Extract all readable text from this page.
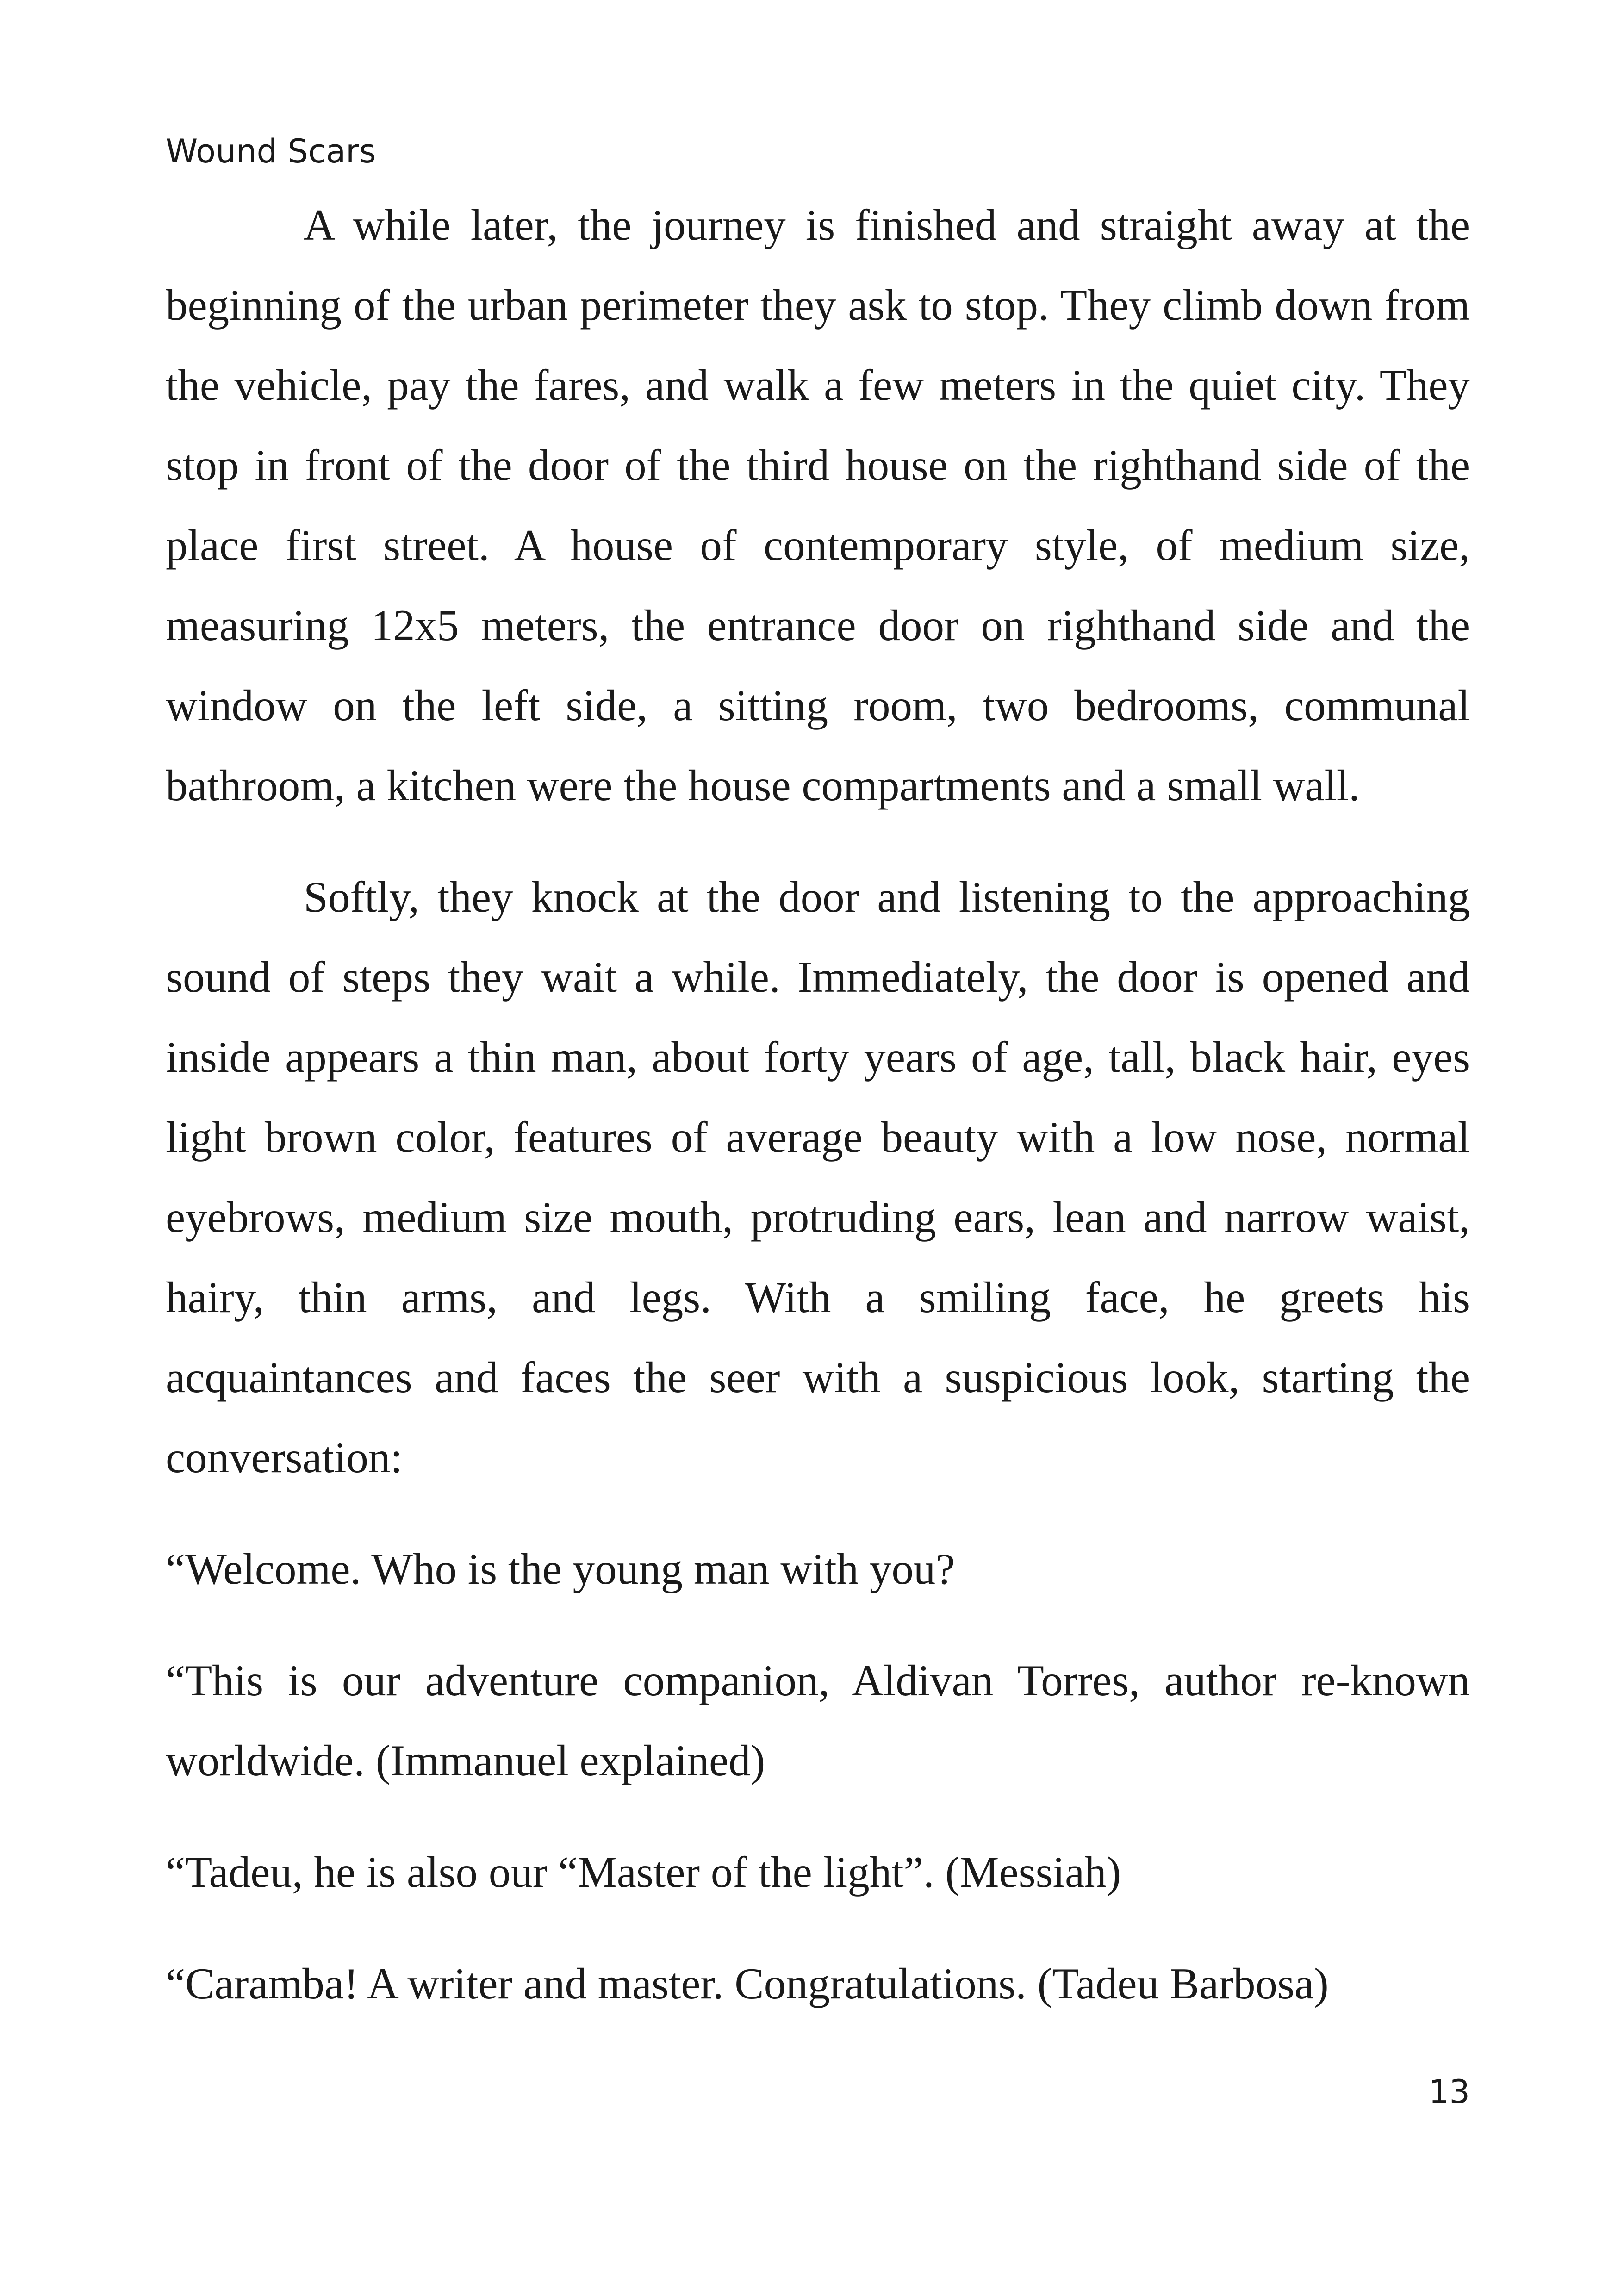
Wound Scars

A while later, the journey is finished and straight away at the beginning of the urban perimeter they ask to stop. They climb down from the vehicle, pay the fares, and walk a few meters in the quiet city. They stop in front of the door of the third house on the righthand side of the place first street. A house of contemporary style, of medium size, measuring 12x5 meters, the entrance door on righthand side and the window on the left side, a sitting room, two bedrooms, communal bathroom, a kitchen were the house compartments and a small wall.

Softly, they knock at the door and listening to the approaching sound of steps they wait a while. Immediately, the door is opened and inside appears a thin man, about forty years of age, tall, black hair, eyes light brown color, features of average beauty with a low nose, normal eyebrows, medium size mouth, protruding ears, lean and narrow waist, hairy, thin arms, and legs. With a smiling face, he greets his acquaintances and faces the seer with a suspicious look, starting the conversation:

“Welcome. Who is the young man with you?

“This is our adventure companion, Aldivan Torres, author re-known worldwide. (Immanuel explained)

“Tadeu, he is also our “Master of the light”. (Messiah)

“Caramba! A writer and master. Congratulations. (Tadeu Barbosa)

13
